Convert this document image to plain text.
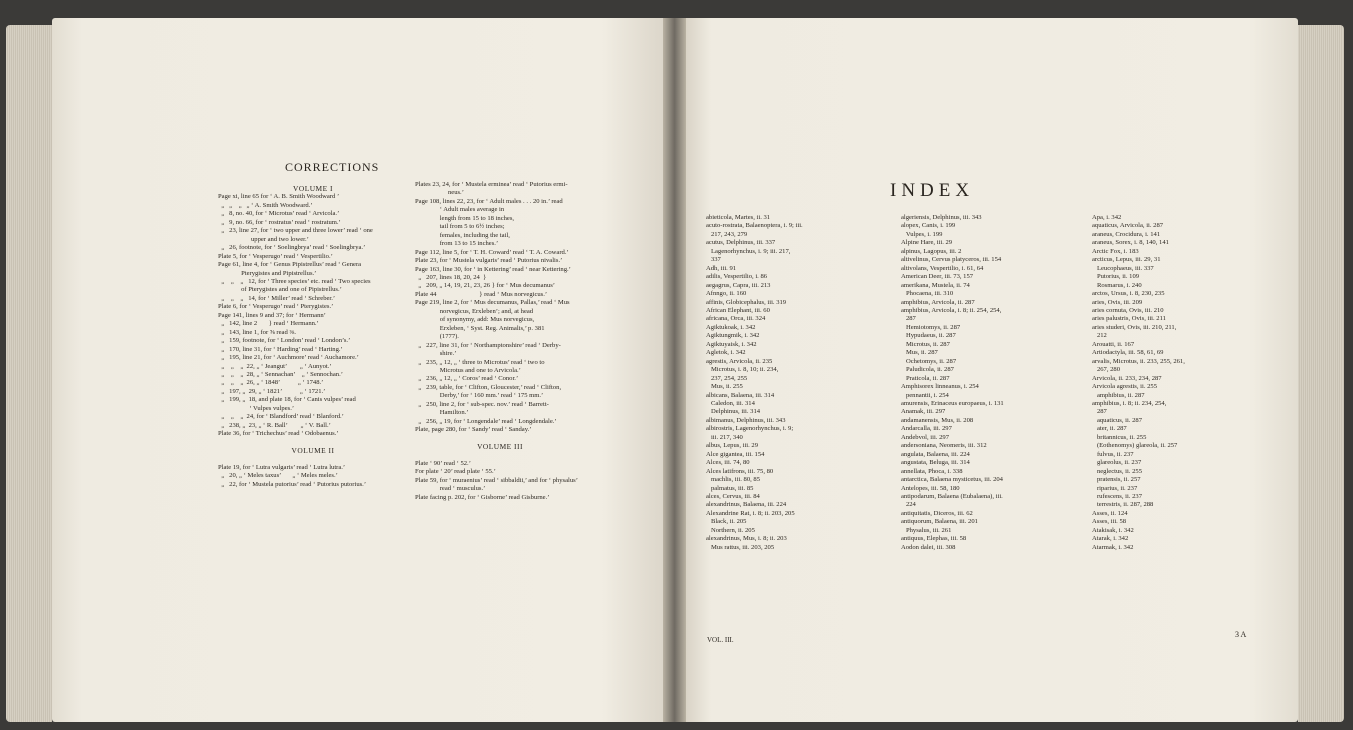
CORRECTIONS
VOLUME I
Page xi, line 65 for ‘ A. B. Smith Woodward ’
„   „    „   „ ‘ A. Smith Woodward.’
„   8, no. 40, for ‘ Microtus’ read ‘ Arvicola.’
„   9, no. 66, for ‘ rostratus’ read ‘ rostratum.’
„   23, line 27, for ‘ two upper and three lower’ read ‘ one
upper and two lower.’
„   26, footnote, for ‘ Soelingbrya’ read ‘ Soelingbrya.’
Plate 5, for ‘ Vesperugo’ read ‘ Vespertilio.’
Page 61, line 4, for ‘ Genus Pipistrellus’ read ‘ Genera
Pterygistes and Pipistrellus.’
„    „    „   12, for ‘ Three species’ etc. read ‘ Two species
of Pterygistes and one of Pipistrellus.’
„    „    „   14, for ‘ Miller’ read ‘ Schreber.’
Plate 6, for ‘ Vesperugo’ read ‘ Pterygistes.’
Page 141, lines 9 and 37; for ‘ Hermann’
„   142, line 2       } read ‘ Hermann.’
„   143, line 1, for ⅝ read ⅜.
„   159, footnote, for ‘ London’ read ‘ London’s.’
„   170, line 31, for ‘ Harding’ read ‘ Harting.’
„   195, line 21, for ‘ Auchmore’ read ‘ Auchamore.’
„    „    „  22, „ ‘ Jeangut’        „ ‘ Aunyot.’
„    „    „  28, „ ‘ Sennachan’    „ ‘ Sennochan.’
„    „    „  26, „ ‘ 1848’           „ ‘ 1748.’
„   197, „  29, „ ‘ 1821’           „ ‘ 1721.’
„   199, „  18, and plate 18, for ‘ Canis vulpes’ read
‘ Vulpes vulpes.’
„    „    „  24, for ‘ Blandford’ read ‘ Blanford.’
„   238, „  23, „ ‘ R. Ball’        „ ‘ V. Ball.’
Plate 36, for ‘ Trichechus’ read ‘ Odobaenus.’

VOLUME II

Plate 19, for ‘ Lutra vulgaris’ read ‘ Lutra lutra.’
„   20, „ ‘ Meles taxus’       „ ‘ Meles meles.’
„   22, for ‘ Mustela putorius’ read ‘ Putorius putorius.’
Plates 23, 24, for ‘ Mustela erminea’ read ‘ Putorius ermi-
neus.’
Page 108, lines 22, 23, for ‘ Adult males . . . 20 in.’ read
‘ Adult males average in
length from 15 to 18 inches,
tail from 5 to 6½ inches;
females, including the tail,
from 13 to 15 inches.’
Page 112, line 5, for ‘ T. H. Coward’ read ‘ T. A. Coward.’
Plate 23, for ‘ Mustela vulgaris’ read ‘ Putorius nivalis.’
Page 163, line 30, for ‘ in Kettering’ read ‘ near Kettering.’
„   207, lines 18, 20, 24  }
„   209, „ 14, 19, 21, 23, 26 } for ‘ Mus decumanus’
Plate 44                          } read ‘ Mus norvegicus.’
Page 219, line 2, for ‘ Mus decumanus, Pallas,’ read ‘ Mus
norvegicus, Erxleben’; and, at head
of synonymy, add: Mus norvegicus,
Erxleben, ‘ Syst. Reg. Animalis,’ p. 381
(1777).
„   227, line 31, for ‘ Northamptonshire’ read ‘ Derby-
shire.’
„   235, „ 12, „ ‘ three to Microtus’ read ‘ two to
Microtus and one to Arvicola.’
„   236, „ 12, „ ‘ Coros’ read ‘ Conor.’
„   239, table, for ‘ Clifton, Gloucester,’ read ‘ Clifton,
Derby,’ for ‘ 160 mm.’ read ‘ 175 mm.’
„   250, line 2, for ‘ sub-spec. nov.’ read ‘ Barrett-
Hamilton.’
„   256, „ 19, for ‘ Longendale’ read ‘ Longdendale.’
Plate, page 280, for ‘ Sandy’ read ‘ Sanday.’

VOLUME III

Plate ‘ 90’ read ‘ 52.’
For plate ‘ 20’ read plate ‘ 55.’
Plate 59, for ‘ muraenius’ read ‘ sibbaldii,’ and for ‘ physalus’
read ‘ musculus.’
Plate facing p. 202, for ‘ Gisborne’ read Gisburne.’
INDEX
abieticola, Martes, ii. 31
acuto-rostrata, Balaenoptera, i. 9; iii.
217, 243, 279
acutus, Delphinus, iii. 337
Lagenorhynchus, i. 9; iii. 217,
337
Adh, iii. 91
adilis, Vespertilio, i. 86
aegagrus, Capra, iii. 213
Afnngo, ii. 160
affinis, Globicephalus, iii. 319
African Elephant, iii. 60
africana, Orca, iii. 324
Agiktukoak, i. 342
Agiktungmik, i. 342
Agiktuyaisk, i. 342
Agletok, i. 342
agrestis, Arvicola, ii. 235
Microtus, i. 8, 10; ii. 234,
237, 254, 255
Mus, ii. 255
albicans, Balaena, iii. 314
Caledon, iii. 314
Delphinus, iii. 314
albimanus, Delphinus, iii. 343
albirostris, Lagenorhynchus, i. 9;
iii. 217, 340
albus, Lepus, iii. 29
Alce gigantea, iii. 154
Alces, iii. 74, 80
Alces latifrons, iii. 75, 80
machlis, iii. 80, 85
palmatus, iii. 85
alces, Cervus, iii. 84
alexandrinus, Balaena, iii. 224
Alexandrine Rat, i. 8; ii. 203, 205
Black, ii. 205
Northern, ii. 205
alexandrinus, Mus, i. 8; ii. 203
Mus rattus, iii. 203, 205
algeriensis, Delphinus, iii. 343
alopex, Canis, i. 199
Vulpes, i. 199
Alpine Hare, iii. 29
alpinus, Lagopus, iii. 2
altivelinus, Cervus platyceros, iii. 154
altivolans, Vespertilio, i. 61, 64
American Deer, iii. 73, 157
amerikana, Mustela, ii. 74
Phocaena, iii. 310
amphibius, Arvicola, ii. 287
amphibius, Arvicola, i. 8; ii. 254, 254,
287
Hemiotomys, ii. 287
Hypudaeus, ii. 287
Microtus, ii. 287
Mus, ii. 287
Ochetomys, ii. 287
Paludicola, ii. 287
Praticola, ii. 287
Amphisorex linneanus, i. 254
pennantii, i. 254
amurensis, Erinaceus europaeus, i. 131
Anamak, iii. 297
andamanensis, Mus, ii. 208
Andarcalla, iii. 297
Andebvol, iii. 297
andersoniana, Neomeris, iii. 312
angulata, Balaena, iii. 224
angustata, Beluga, iii. 314
annellata, Phoca, i. 338
antarctica, Balaena mysticetus, iii. 204
Antelopes, iii. 58, 180
antipodarum, Balaena (Eubalaena), iii.
224
antiquitatis, Diceros, iii. 62
antiquorum, Balaena, iii. 201
Physalus, iii. 261
antiquus, Elephas, iii. 58
Aodon dalei, iii. 308
Apa, i. 342
aquaticus, Arvicola, ii. 287
araneus, Crocidura, i. 141
araneus, Sorex, i. 8, 140, 141
Arctic Fox, i. 183
arcticus, Lepus, iii. 29, 31
Leucophaeus, iii. 337
Putorius, ii. 109
Rosmarus, i. 240
arctos, Ursus, i. 8, 230, 235
aries, Ovis, iii. 209
aries cornuta, Ovis, iii. 210
aries palustris, Ovis, iii. 211
aries studeri, Ovis, iii. 210, 211,
212
Arouatti, ii. 167
Artiodactyla, iii. 58, 61, 69
arvalis, Microtus, ii. 233, 255, 261,
267, 280
Arvicola, ii. 233, 234, 287
Arvicola agrestis, ii. 255
amphibius, ii. 287
amphibius, i. 8; ii. 234, 254,
287
aquaticus, ii. 287
ater, ii. 287
britannicus, ii. 255
(Eothenomys) glareola, ii. 257
fulvus, ii. 237
glareolus, ii. 237
neglectus, ii. 255
pratensis, ii. 257
riparius, ii. 237
rufescens, ii. 237
terrestris, ii. 287, 288
Asses, ii. 124
Asses, iii. 58
Atakisak, i. 342
Atarak, i. 342
Atarmak, i. 342
VOL. III.
3 A
